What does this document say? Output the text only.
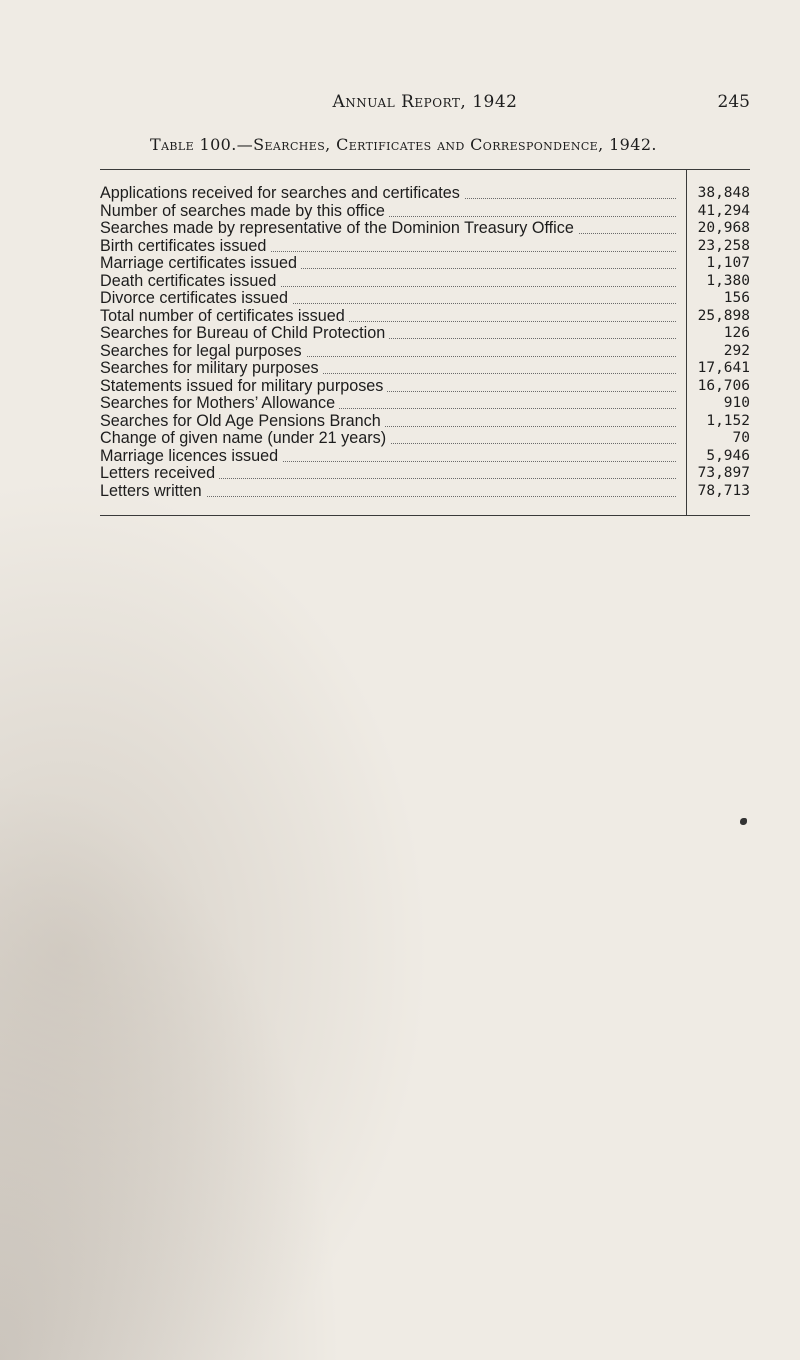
Annual Report, 1942	245
Table 100.—Searches, Certificates and Correspondence, 1942.
Applications received for searches and certificates	38,848
Number of searches made by this office	41,294
Searches made by representative of the Dominion Treasury Office	20,968
Birth certificates issued	23,258
Marriage certificates issued	1,107
Death certificates issued	1,380
Divorce certificates issued	156
Total number of certificates issued	25,898
Searches for Bureau of Child Protection	126
Searches for legal purposes	292
Searches for military purposes	17,641
Statements issued for military purposes	16,706
Searches for Mothers’ Allowance	910
Searches for Old Age Pensions Branch	1,152
Change of given name (under 21 years)	70
Marriage licences issued	5,946
Letters received	73,897
Letters written	78,713
